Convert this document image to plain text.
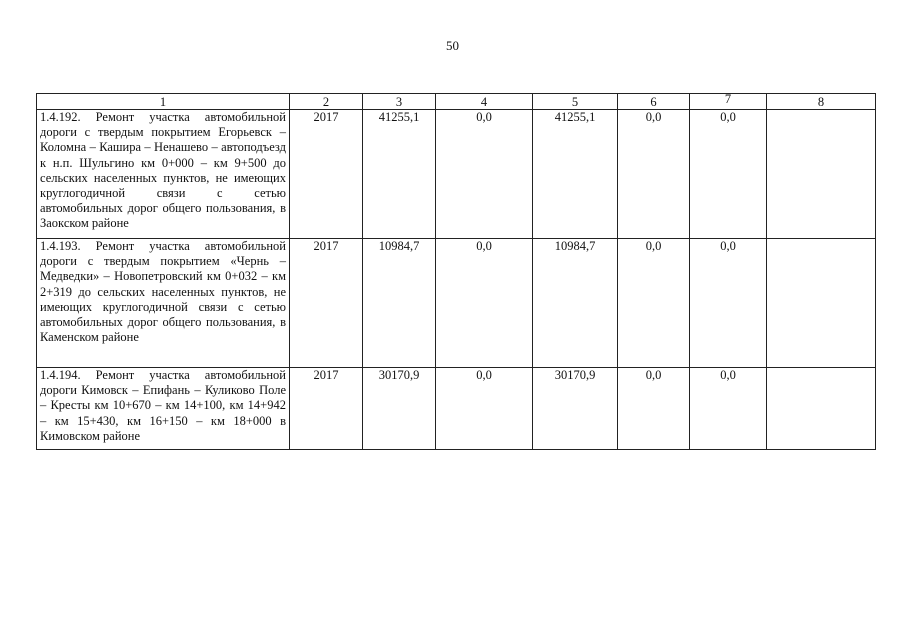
50
1	2	3	4	5	6	7	8
1.4.192. Ремонт участка автомобильной дороги с твердым покрытием Егорьевск – Коломна – Кашира – Ненашево – автоподъезд к н.п. Шульгино км 0+000 – км 9+500 до сельских населенных пунктов, не имеющих круглогодичной связи с сетью автомобильных дорог общего пользования, в Заокском районе	2017	41255,1	0,0	41255,1	0,0	0,0	
1.4.193. Ремонт участка автомобильной дороги с твердым покрытием «Чернь – Медведки» – Новопетровский км 0+032 – км 2+319 до сельских населенных пунктов, не имеющих круглогодичной связи с сетью автомобильных дорог общего пользования, в Каменском районе	2017	10984,7	0,0	10984,7	0,0	0,0	
1.4.194. Ремонт участка автомобильной дороги Кимовск – Епифань – Куликово Поле – Кресты км 10+670 – км 14+100, км 14+942 – км 15+430, км 16+150 – км 18+000 в Кимовском районе	2017	30170,9	0,0	30170,9	0,0	0,0	
